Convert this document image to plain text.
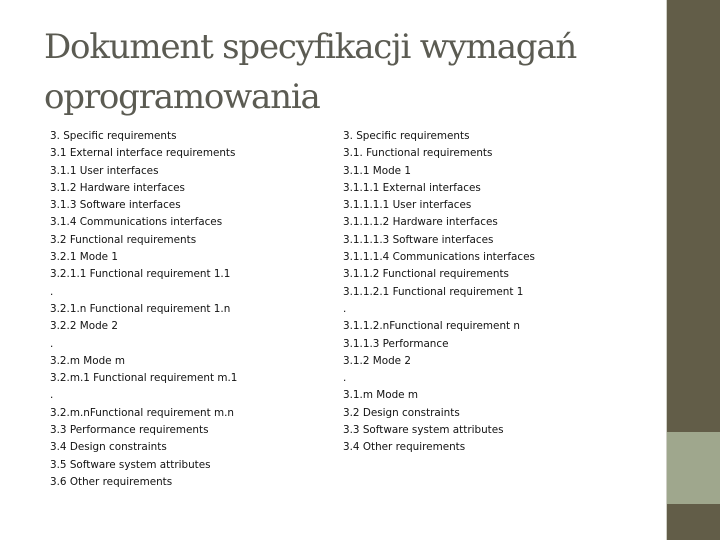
Dokument specyfikacji wymagań oprogramowania
3. Specific requirements
3.1 External interface requirements
3.1.1 User interfaces
3.1.2 Hardware interfaces
3.1.3 Software interfaces
3.1.4 Communications interfaces
3.2 Functional requirements
3.2.1 Mode 1
3.2.1.1 Functional requirement 1.1
.
3.2.1.n Functional requirement 1.n
3.2.2 Mode 2
.
3.2.m Mode m
3.2.m.1 Functional requirement m.1
.
3.2.m.nFunctional requirement m.n
3.3 Performance requirements
3.4 Design constraints
3.5 Software system attributes
3.6 Other requirements
3. Specific requirements
3.1. Functional requirements
3.1.1 Mode 1
3.1.1.1 External interfaces
3.1.1.1.1 User interfaces
3.1.1.1.2 Hardware interfaces
3.1.1.1.3 Software interfaces
3.1.1.1.4 Communications interfaces
3.1.1.2 Functional requirements
3.1.1.2.1 Functional requirement 1
.
3.1.1.2.nFunctional requirement n
3.1.1.3 Performance
3.1.2 Mode 2
.
3.1.m Mode m
3.2 Design constraints
3.3 Software system attributes
3.4 Other requirements
